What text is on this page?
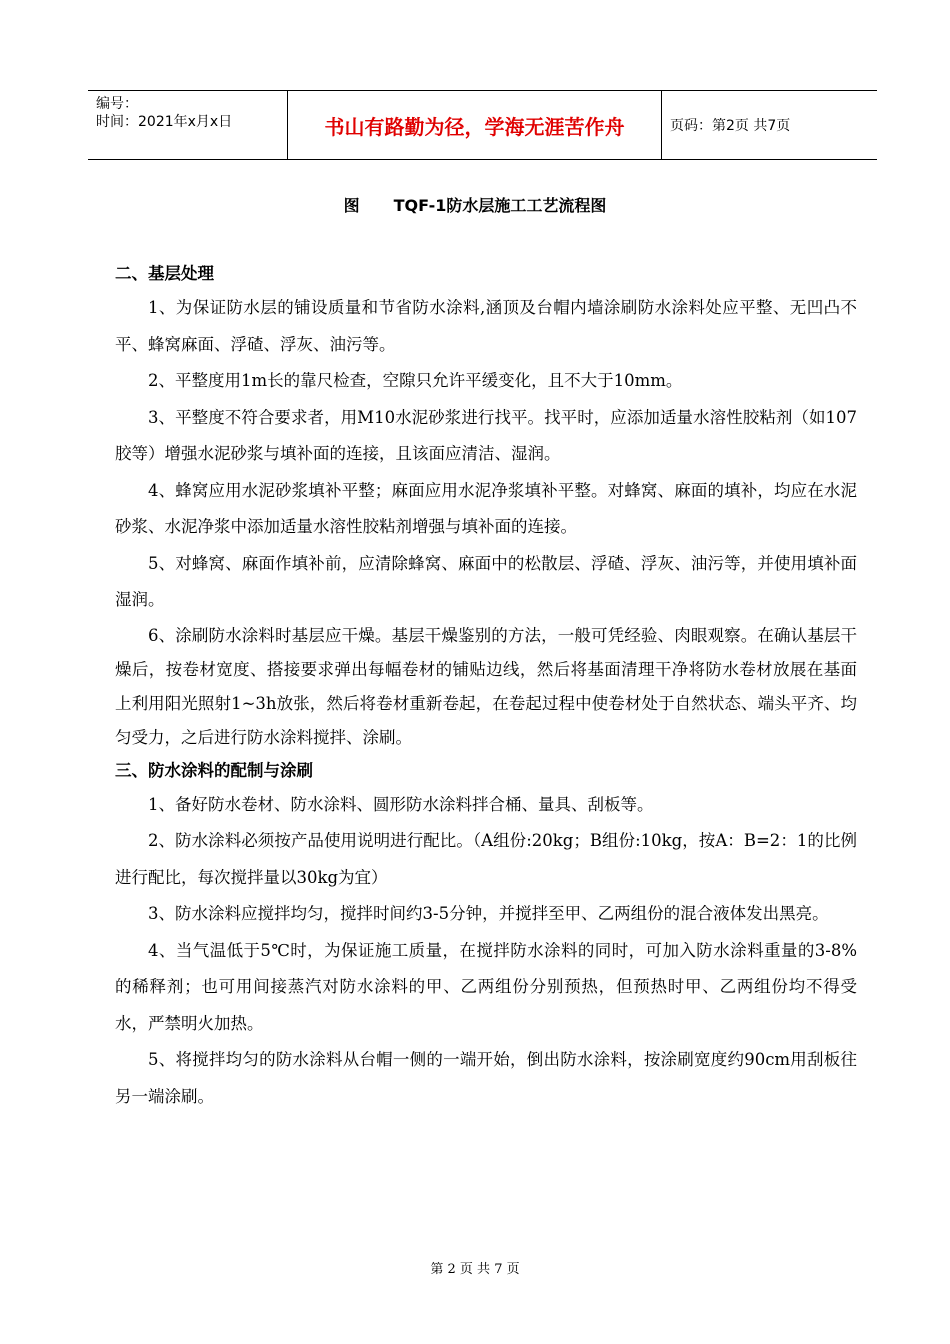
编号：
时间：2021年x月x日	书山有路勤为径，学海无涯苦作舟	页码：第2页 共7页
图 TQF-1防水层施工工艺流程图

二、基层处理

1、为保证防水层的铺设质量和节省防水涂料,涵顶及台帽内墙涂刷防水涂料处应平整、无凹凸不平、蜂窝麻面、浮碴、浮灰、油污等。

2、平整度用1m长的靠尺检查，空隙只允许平缓变化，且不大于10mm。

3、平整度不符合要求者，用M10水泥砂浆进行找平。找平时，应添加适量水溶性胶粘剂（如107胶等）增强水泥砂浆与填补面的连接，且该面应清洁、湿润。

4、蜂窝应用水泥砂浆填补平整；麻面应用水泥净浆填补平整。对蜂窝、麻面的填补，均应在水泥砂浆、水泥净浆中添加适量水溶性胶粘剂增强与填补面的连接。

5、对蜂窝、麻面作填补前，应清除蜂窝、麻面中的松散层、浮碴、浮灰、油污等，并使用填补面湿润。

6、涂刷防水涂料时基层应干燥。基层干燥鉴别的方法，一般可凭经验、肉眼观察。在确认基层干燥后，按卷材宽度、搭接要求弹出每幅卷材的铺贴边线，然后将基面清理干净将防水卷材放展在基面上利用阳光照射1~3h放张，然后将卷材重新卷起，在卷起过程中使卷材处于自然状态、端头平齐、均匀受力，之后进行防水涂料搅拌、涂刷。

三、防水涂料的配制与涂刷

1、备好防水卷材、防水涂料、圆形防水涂料拌合桶、量具、刮板等。

2、防水涂料必须按产品使用说明进行配比。（A组份:20kg；B组份:10kg，按A：B=2：1的比例进行配比，每次搅拌量以30kg为宜）

3、防水涂料应搅拌均匀，搅拌时间约3-5分钟，并搅拌至甲、乙两组份的混合液体发出黑亮。

4、当气温低于5℃时，为保证施工质量，在搅拌防水涂料的同时，可加入防水涂料重量的3-8% 的稀释剂；也可用间接蒸汽对防水涂料的甲、乙两组份分别预热，但预热时甲、乙两组份均不得受水，严禁明火加热。

5、将搅拌均匀的防水涂料从台帽一侧的一端开始，倒出防水涂料，按涂刷宽度约90cm用刮板往另一端涂刷。

第 2 页 共 7 页
